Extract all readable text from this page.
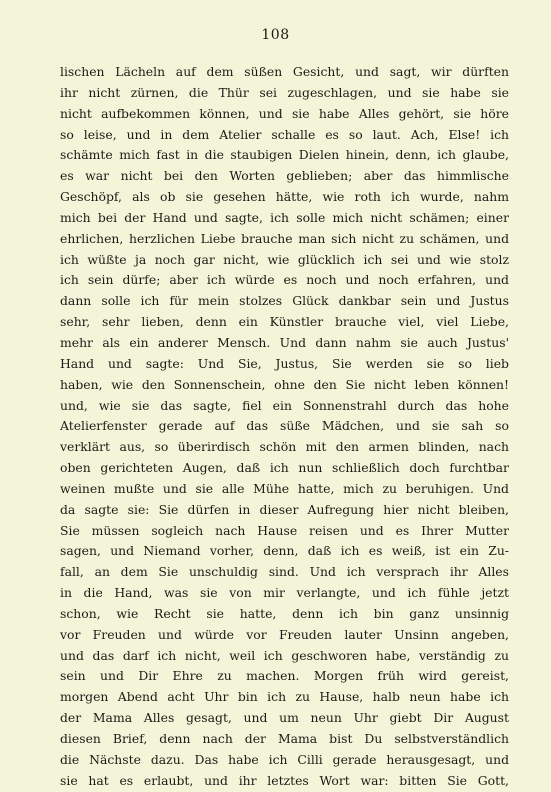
108
lischen Lächeln auf dem süßen Gesicht, und sagt, wir dürften
ihr nicht zürnen, die Thür sei zugeschlagen, und sie habe sie
nicht aufbekommen können, und sie habe Alles gehört, sie höre
so leise, und in dem Atelier schalle es so laut. Ach, Else! ich
schämte mich fast in die staubigen Dielen hinein, denn, ich glaube,
es war nicht bei den Worten geblieben; aber das himmlische
Geschöpf, als ob sie gesehen hätte, wie roth ich wurde, nahm
mich bei der Hand und sagte, ich solle mich nicht schämen; einer
ehrlichen, herzlichen Liebe brauche man sich nicht zu schämen, und
ich wüßte ja noch gar nicht, wie glücklich ich sei und wie stolz
ich sein dürfe; aber ich würde es noch und noch erfahren, und
dann solle ich für mein stolzes Glück dankbar sein und Justus
sehr, sehr lieben, denn ein Künstler brauche viel, viel Liebe,
mehr als ein anderer Mensch. Und dann nahm sie auch Justus'
Hand und sagte: Und Sie, Justus, Sie werden sie so lieb
haben, wie den Sonnenschein, ohne den Sie nicht leben können!
und, wie sie das sagte, fiel ein Sonnenstrahl durch das hohe
Atelierfenster gerade auf das süße Mädchen, und sie sah so
verklärt aus, so überirdisch schön mit den armen blinden, nach
oben gerichteten Augen, daß ich nun schließlich doch furchtbar
weinen mußte und sie alle Mühe hatte, mich zu beruhigen. Und
da sagte sie: Sie dürfen in dieser Aufregung hier nicht bleiben,
Sie müssen sogleich nach Hause reisen und es Ihrer Mutter
sagen, und Niemand vorher, denn, daß ich es weiß, ist ein Zu-
fall, an dem Sie unschuldig sind. Und ich versprach ihr Alles
in die Hand, was sie von mir verlangte, und ich fühle jetzt
schon, wie Recht sie hatte, denn ich bin ganz unsinnig
vor Freuden und würde vor Freuden lauter Unsinn angeben,
und das darf ich nicht, weil ich geschworen habe, verständig zu
sein und Dir Ehre zu machen. Morgen früh wird gereist,
morgen Abend acht Uhr bin ich zu Hause, halb neun habe ich
der Mama Alles gesagt, und um neun Uhr giebt Dir August
diesen Brief, denn nach der Mama bist Du selbstverständlich
die Nächste dazu. Das habe ich Cilli gerade herausgesagt, und
sie hat es erlaubt, und ihr letztes Wort war: bitten Sie Gott,
